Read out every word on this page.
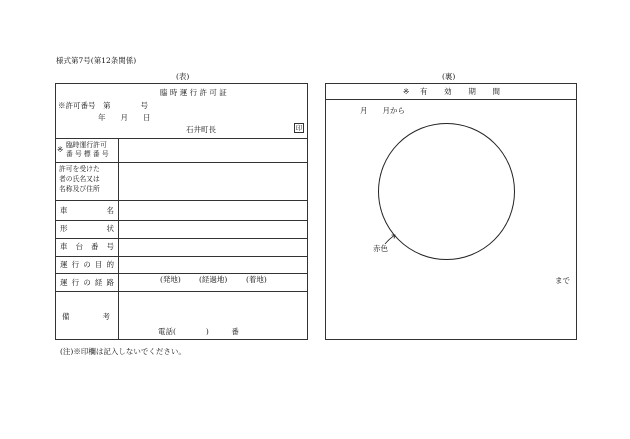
様式第7号(第12条関係)
(表)	(裏)
臨 時 運 行 許 可 証
※許可番号　第　　　　号
年　　月　　日
石井町長	印
※ 臨時運行許可
番 号 標 番 号
許可を受けた
者の氏名又は
名称及び住所
車	名
形	状
車 台 番 号
運 行 の 目 的
運 行 の 経 路	(発地) (経過地) (着地)
備	考
電話(　　　　)　　　番
(注)※印欄は記入しないでください。
※ 有 効 期 間
月　　月から
赤色
まで
